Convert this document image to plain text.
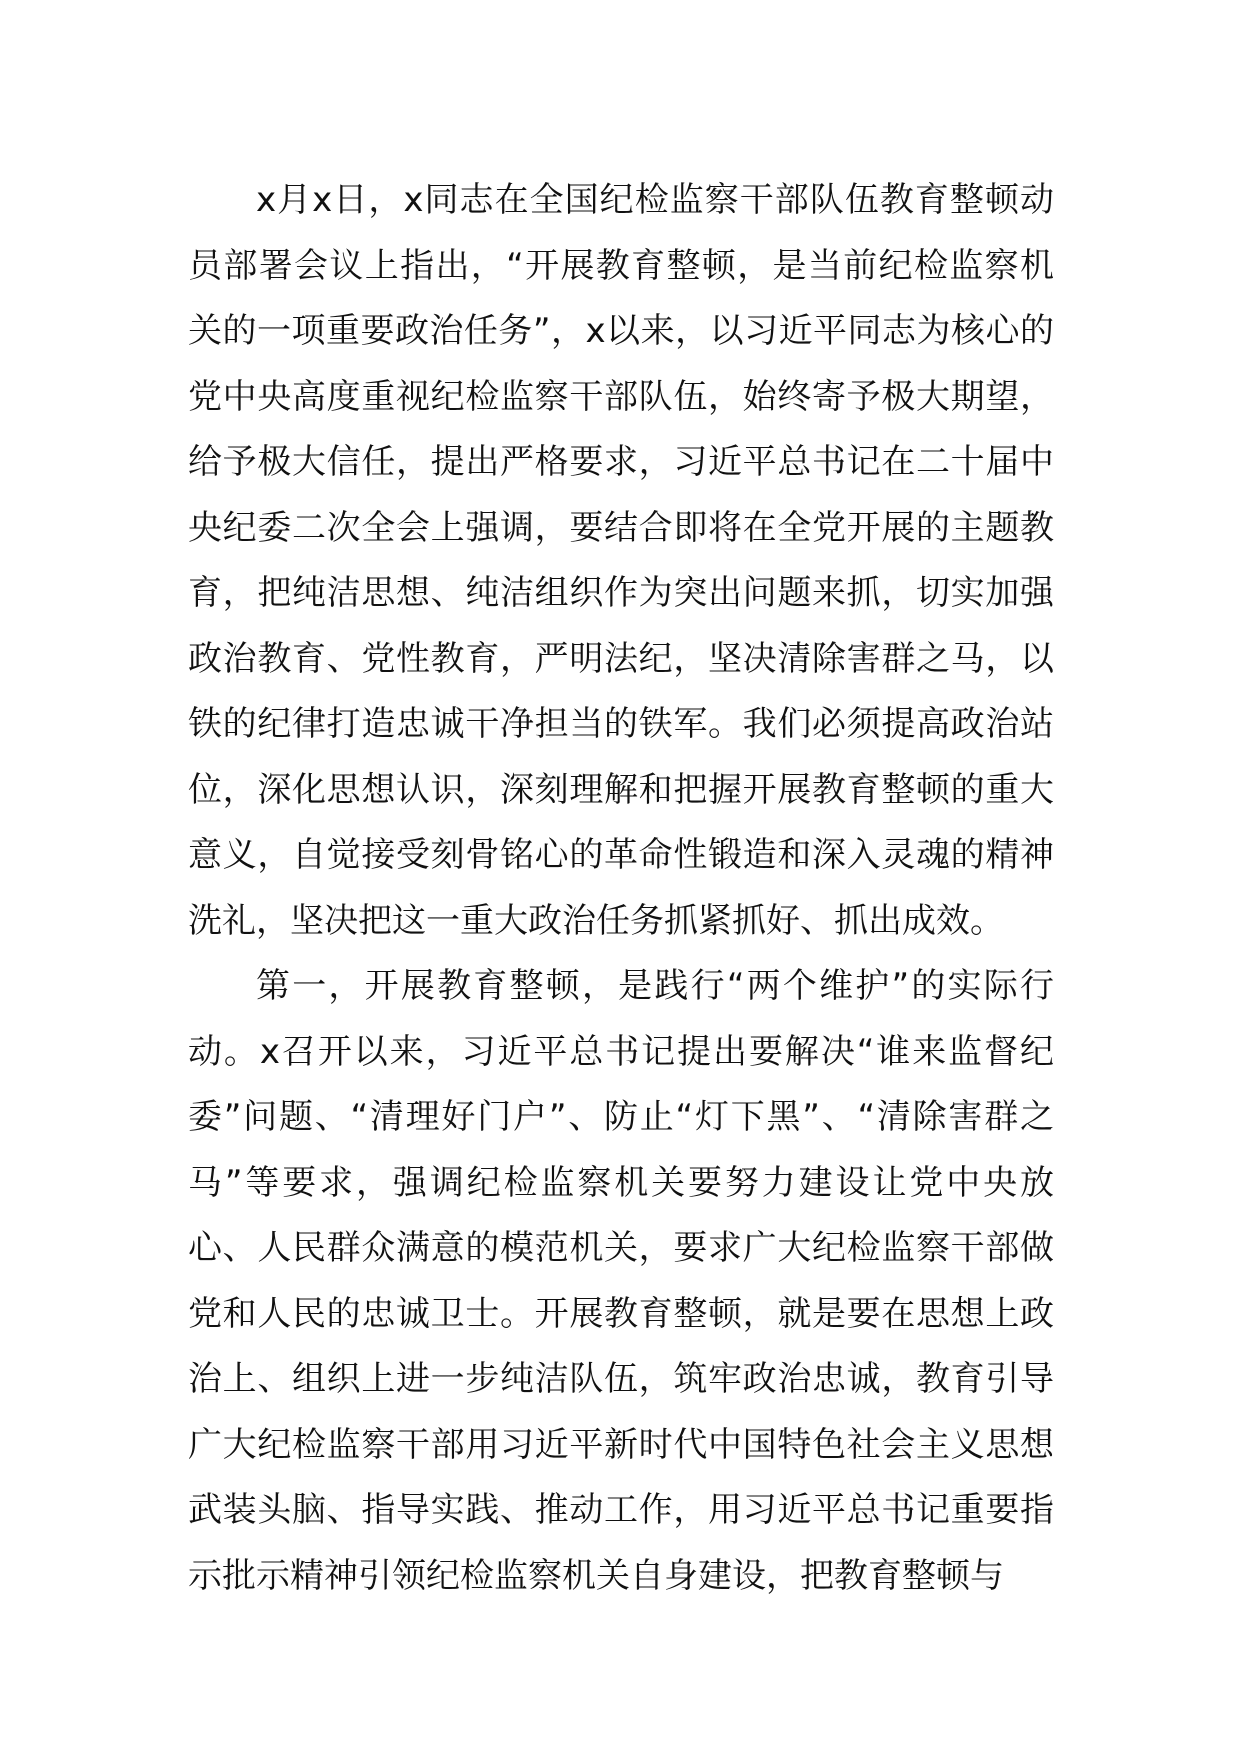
x月x日，x同志在全国纪检监察干部队伍教育整顿动员部署会议上指出，“开展教育整顿，是当前纪检监察机关的一项重要政治任务”，x以来，以习近平同志为核心的党中央高度重视纪检监察干部队伍，始终寄予极大期望，给予极大信任，提出严格要求，习近平总书记在二十届中央纪委二次全会上强调，要结合即将在全党开展的主题教育，把纯洁思想、纯洁组织作为突出问题来抓，切实加强政治教育、党性教育，严明法纪，坚决清除害群之马，以铁的纪律打造忠诚干净担当的铁军。我们必须提高政治站位，深化思想认识，深刻理解和把握开展教育整顿的重大意义，自觉接受刻骨铭心的革命性锻造和深入灵魂的精神洗礼，坚决把这一重大政治任务抓紧抓好、抓出成效。

第一，开展教育整顿，是践行“两个维护”的实际行动。x召开以来，习近平总书记提出要解决“谁来监督纪委”问题、“清理好门户”、防止“灯下黑”、“清除害群之马”等要求，强调纪检监察机关要努力建设让党中央放心、人民群众满意的模范机关，要求广大纪检监察干部做党和人民的忠诚卫士。开展教育整顿，就是要在思想上政治上、组织上进一步纯洁队伍，筑牢政治忠诚，教育引导广大纪检监察干部用习近平新时代中国特色社会主义思想武装头脑、指导实践、推动工作，用习近平总书记重要指示批示精神引领纪检监察机关自身建设，把教育整顿与
